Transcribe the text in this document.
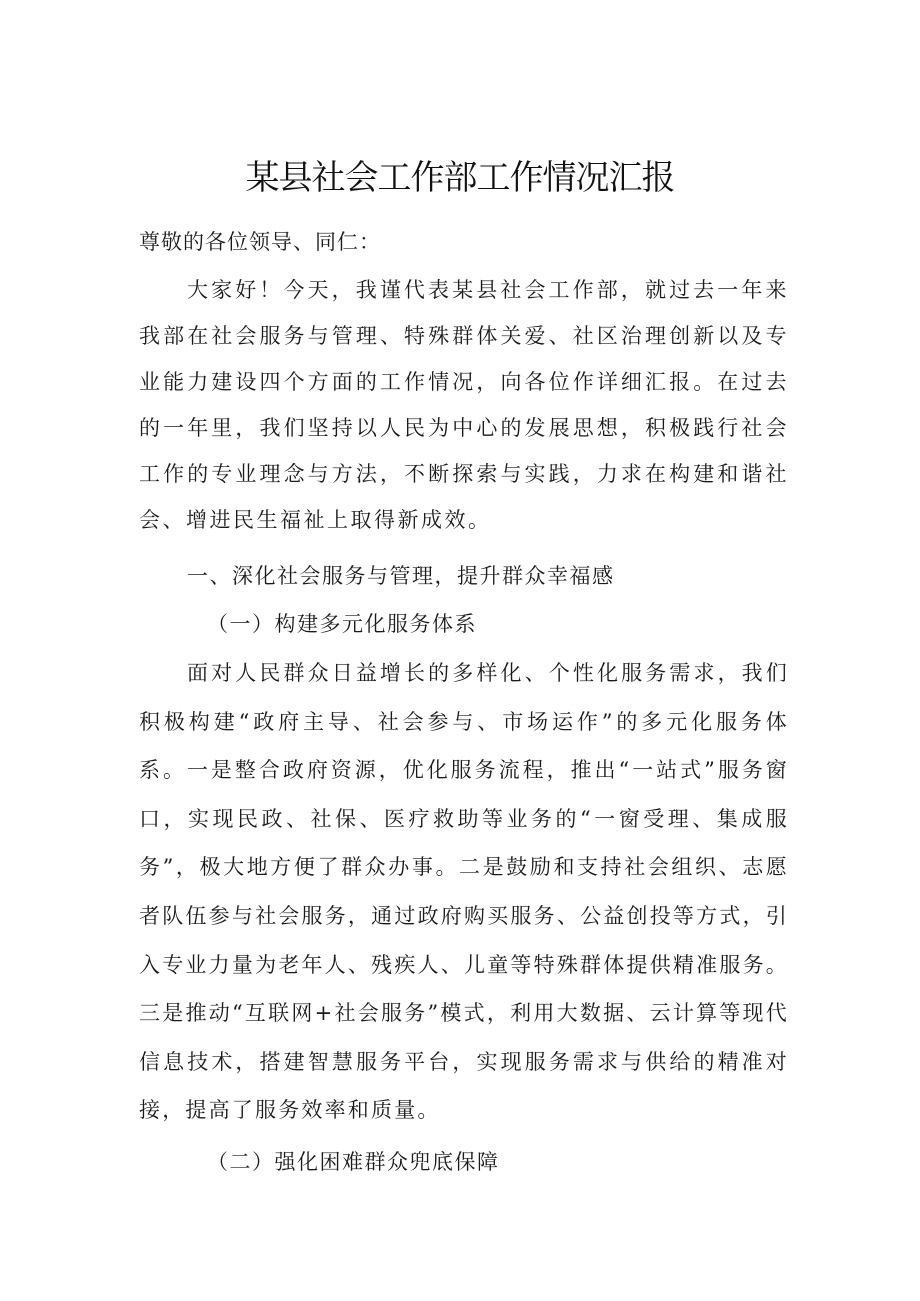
某县社会工作部工作情况汇报

尊敬的各位领导、同仁：

大家好！今天，我谨代表某县社会工作部，就过去一年来我部在社会服务与管理、特殊群体关爱、社区治理创新以及专业能力建设四个方面的工作情况，向各位作详细汇报。在过去的一年里，我们坚持以人民为中心的发展思想，积极践行社会工作的专业理念与方法，不断探索与实践，力求在构建和谐社会、增进民生福祉上取得新成效。

一、深化社会服务与管理，提升群众幸福感

（一）构建多元化服务体系

面对人民群众日益增长的多样化、个性化服务需求，我们积极构建“政府主导、社会参与、市场运作”的多元化服务体系。一是整合政府资源，优化服务流程，推出“一站式”服务窗口，实现民政、社保、医疗救助等业务的“一窗受理、集成服务”，极大地方便了群众办事。二是鼓励和支持社会组织、志愿者队伍参与社会服务，通过政府购买服务、公益创投等方式，引入专业力量为老年人、残疾人、儿童等特殊群体提供精准服务。三是推动“互联网+社会服务”模式，利用大数据、云计算等现代信息技术，搭建智慧服务平台，实现服务需求与供给的精准对接，提高了服务效率和质量。

（二）强化困难群众兜底保障
